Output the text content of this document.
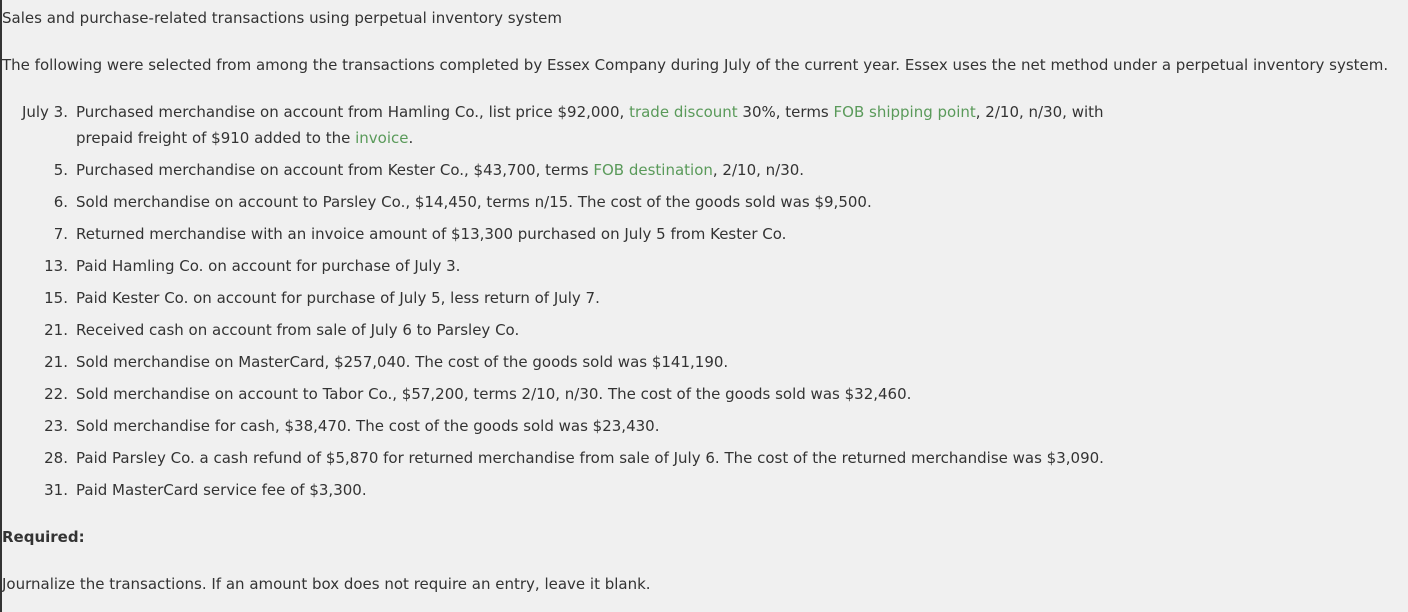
Sales and purchase-related transactions using perpetual inventory system
The following were selected from among the transactions completed by Essex Company during July of the current year. Essex uses the net method under a perpetual inventory system.
July 3. Purchased merchandise on account from Hamling Co., list price $92,000, trade discount 30%, terms FOB shipping point, 2/10, n/30, with prepaid freight of $910 added to the invoice.
5. Purchased merchandise on account from Kester Co., $43,700, terms FOB destination, 2/10, n/30.
6. Sold merchandise on account to Parsley Co., $14,450, terms n/15. The cost of the goods sold was $9,500.
7. Returned merchandise with an invoice amount of $13,300 purchased on July 5 from Kester Co.
13. Paid Hamling Co. on account for purchase of July 3.
15. Paid Kester Co. on account for purchase of July 5, less return of July 7.
21. Received cash on account from sale of July 6 to Parsley Co.
21. Sold merchandise on MasterCard, $257,040. The cost of the goods sold was $141,190.
22. Sold merchandise on account to Tabor Co., $57,200, terms 2/10, n/30. The cost of the goods sold was $32,460.
23. Sold merchandise for cash, $38,470. The cost of the goods sold was $23,430.
28. Paid Parsley Co. a cash refund of $5,870 for returned merchandise from sale of July 6. The cost of the returned merchandise was $3,090.
31. Paid MasterCard service fee of $3,300.
Required:
Journalize the transactions. If an amount box does not require an entry, leave it blank.
